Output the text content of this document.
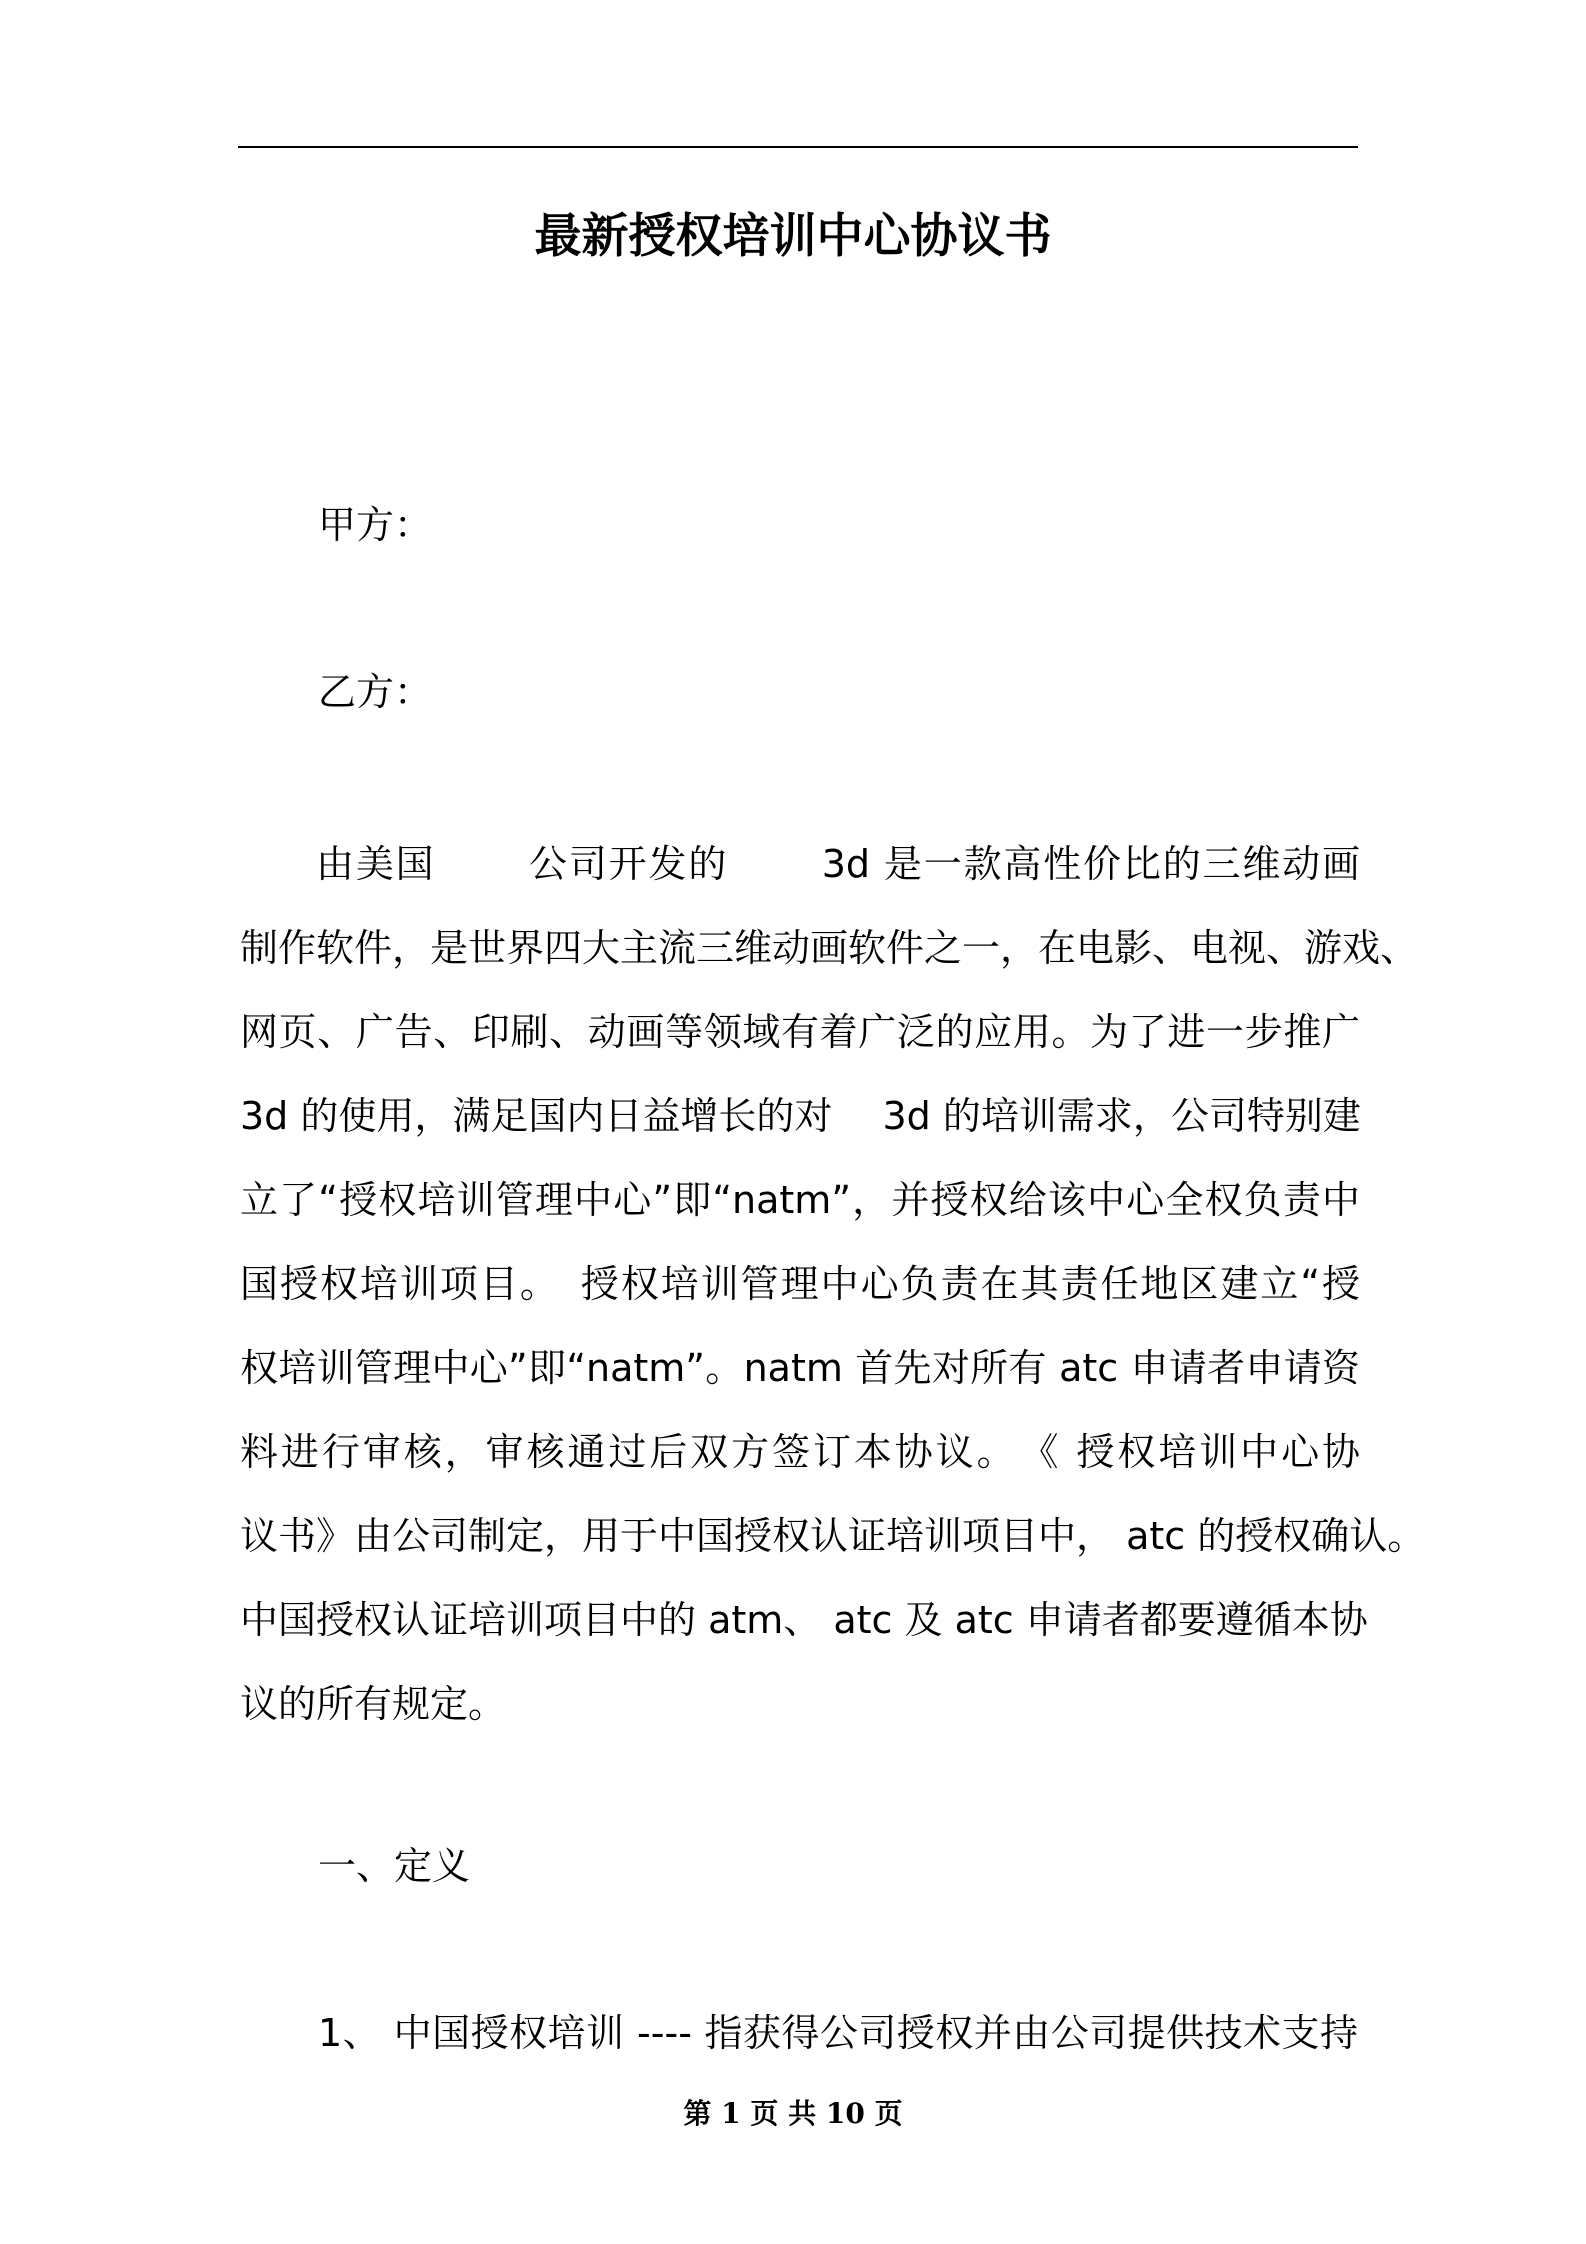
最新授权培训中心协议书
甲方：
乙方：
由美国　　 公司开发的　　 3d 是一款高性价比的三维动画
制作软件，是世界四大主流三维动画软件之一，在电影、电视、游戏、
网页、广告、印刷、动画等领域有着广泛的应用。为了进一步推广
3d 的使用，满足国内日益增长的对　 3d 的培训需求，公司特别建
立了“授权培训管理中心”即“natm”，并授权给该中心全权负责中
国授权培训项目。　授权培训管理中心负责在其责任地区建立“授
权培训管理中心”即“natm”。natm 首先对所有 atc 申请者申请资
料进行审核，审核通过后双方签订本协议。　《 授权培训中心协
议书》由公司制定，用于中国授权认证培训项目中， atc 的授权确认。
中国授权认证培训项目中的 atm、 atc 及 atc 申请者都要遵循本协
议的所有规定。
一、定义
1、 中国授权培训 ---- 指获得公司授权并由公司提供技术支持
第 1 页 共 10 页
